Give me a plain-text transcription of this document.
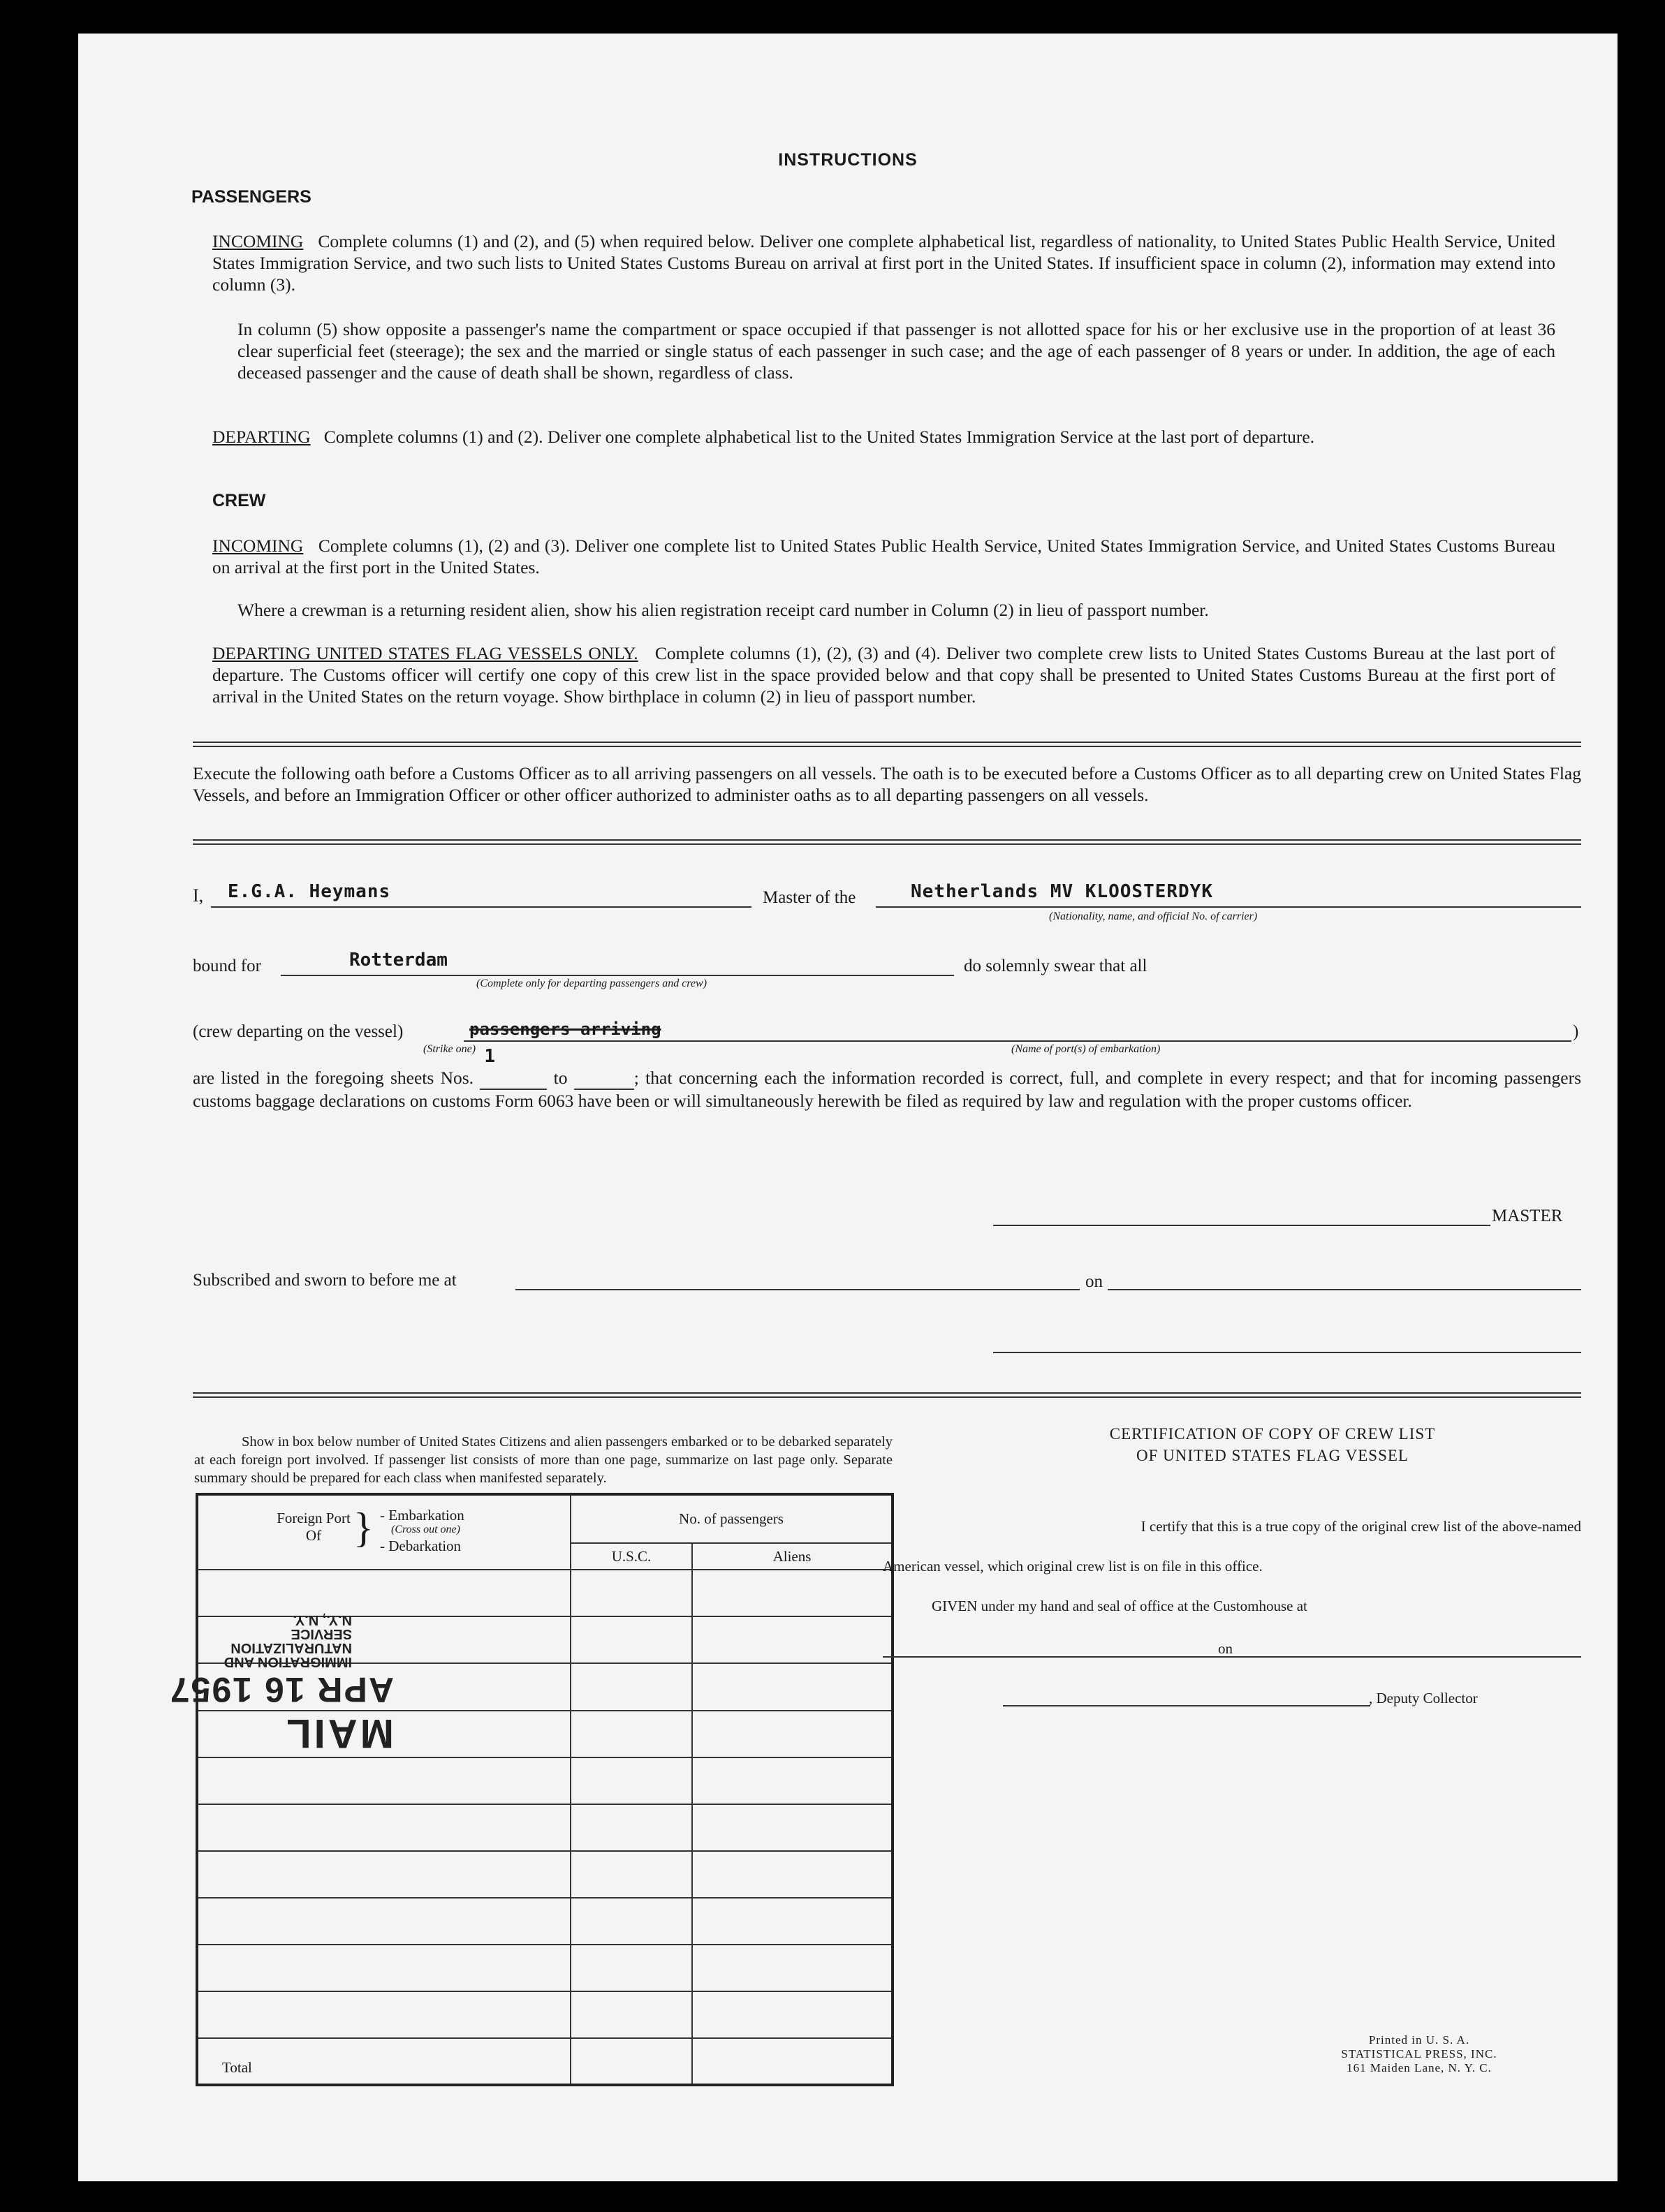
INSTRUCTIONS
PASSENGERS
INCOMING Complete columns (1) and (2), and (5) when required below. Deliver one complete alphabetical list, regardless of nationality, to United States Public Health Service, United States Immigration Service, and two such lists to United States Customs Bureau on arrival at first port in the United States. If insufficient space in column (2), information may extend into column (3).
In column (5) show opposite a passenger's name the compartment or space occupied if that passenger is not allotted space for his or her exclusive use in the proportion of at least 36 clear superficial feet (steerage); the sex and the married or single status of each passenger in such case; and the age of each passenger of 8 years or under. In addition, the age of each deceased passenger and the cause of death shall be shown, regardless of class.
DEPARTING Complete columns (1) and (2). Deliver one complete alphabetical list to the United States Immigration Service at the last port of departure.
CREW
INCOMING Complete columns (1), (2) and (3). Deliver one complete list to United States Public Health Service, United States Immigration Service, and United States Customs Bureau on arrival at the first port in the United States.
Where a crewman is a returning resident alien, show his alien registration receipt card number in Column (2) in lieu of passport number.
DEPARTING UNITED STATES FLAG VESSELS ONLY. Complete columns (1), (2), (3) and (4). Deliver two complete crew lists to United States Customs Bureau at the last port of departure. The Customs officer will certify one copy of this crew list in the space provided below and that copy shall be presented to United States Customs Bureau at the first port of arrival in the United States on the return voyage. Show birthplace in column (2) in lieu of passport number.
Execute the following oath before a Customs Officer as to all arriving passengers on all vessels. The oath is to be executed before a Customs Officer as to all departing crew on United States Flag Vessels, and before an Immigration Officer or other officer authorized to administer oaths as to all departing passengers on all vessels.
I, E.G.A. Heymans	Master of the	Netherlands MV KLOOSTERDYK
(Nationality, name, and official No. of carrier)
bound for	Rotterdam
(Complete only for departing passengers and crew)
do solemnly swear that all
(crew departing on the vessel)	passengers arriving
(Strike one)	(Name of port(s) of embarkation)
)
are listed in the foregoing sheets Nos.
1
to	; that concerning each the information recorded is correct, full, and complete in every respect; and that for incoming passengers customs baggage declarations on customs Form 6063 have been or will simultaneously herewith be filed as required by law and regulation with the proper customs officer.
MASTER
Subscribed and sworn to before me at	on
Show in box below number of United States Citizens and alien passengers embarked or to be debarked separately at each foreign port involved. If passenger list consists of more than one page, summarize on last page only. Separate summary should be prepared for each class when manifested separately.
Foreign Port Of } - Embarkation
(Cross out one)
- Debarkation	No. of passengers	
	U.S.C.	Aliens

Total		
MAIL
APR 16 1957
IMMIGRATION AND
NATURALIZATION
SERVICE
N.Y., N.Y.
CERTIFICATION OF COPY OF CREW LIST
OF UNITED STATES FLAG VESSEL
I certify that this is a true copy of the original crew list of the above-named
American vessel, which original crew list is on file in this office.
GIVEN under my hand and seal of office at the Customhouse at
on
, Deputy Collector
Printed in U. S. A.
STATISTICAL PRESS, INC.
161 Maiden Lane, N. Y. C.
